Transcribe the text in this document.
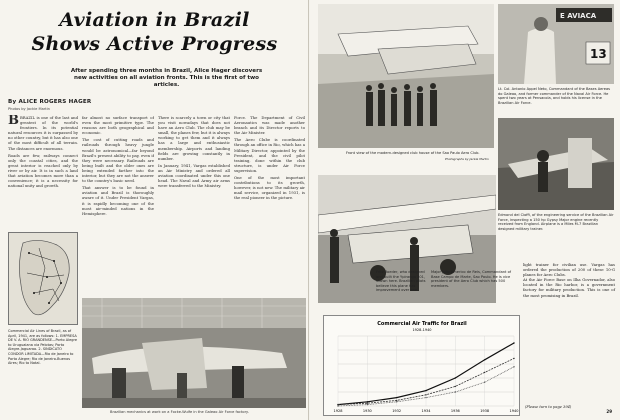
Aviation in Brazil
Shows Active Progress
After spending three months in Brazil, Alice Hager discovers new activities on all aviation fronts. This is the first of two articles.
By ALICE ROGERS HAGER
Photos by Jackie Martin

BBRAZIL is one of the last and greatest of the world's frontiers. In its potential natural resources it is surpassed by no other country, but it has also one of the most difficult of all terrain. The distances are enormous.

Roads are few, railways connect only the coastal cities, and the great interior is reached only by river or by air. It is in such a land that aviation becomes more than a convenience; it is a necessity for national unity and growth.

Commercial Air Lines of Brazil, as of April, 1941, are as follows: 1. EMPRESA DE V. A. RIO GRANDENSE—Porto Alegre to Uruguaiana via Pelotas; Porto Alegre-Jaguarao. 2. SINDICATO CONDOR LIMITADA—Rio de Janeiro to Porto Alegre; Rio de Janeiro-Buenos Aires; Rio to Natal.

far almost no surface transport of even the most primitive type. The reasons are both geographical and economic.

The cost of cutting roads and railroads through heavy jungle would be astronomical—far beyond Brazil's present ability to pay, even if they were necessary. Railroads are being built and the older ones are being extended farther into the interior, but they are not the answer to the country's basic need.

That answer is to be found in aviation and Brazil is thoroughly aware of it. Under President Vargas, it is rapidly becoming one of the most air-minded nations in the Hemisphere.

There is scarcely a town or city that you visit nowadays that does not have an Aero Club. The club may be small, the planes few, but it is always working to get them and it always has a large and enthusiastic membership. Airports and landing fields are growing constantly in number.

In January, 1941, Vargas established an Air Ministry and ordered all aviation coordinated under this one head. The Naval and Army air arms were transferred to the Ministry.

Force. The Department of Civil Aeronautics was made another branch and its Director reports to the Air Minister.

The Aero Clube is coordinated through an office in Rio, which has a Military Director, appointed by the President, and the civil pilot training, done within the club structure, is under Air Force supervision.

One of the most important contributions to its growth, however, is not new. The military air mail service, organized in 1931, is the real pioneer in the picture.

Brazilian mechanics at work on a Focke-Wulfe in the Galeao Air Force factory.
Front view of the modern-designed club house of the Sao Paulo Aero Club.
Photographs by Jackie Martin
E AVIACA
13
Lt. Col. Antonio Appel Neto, Commandant of the Bases Aereas do Galeao, and former commander of the Naval Air Force. He spent two years at Pensacola, and holds his license in the Brazilian Air Force.
Edmond del Cioffi, of the engineering service of the Brazilian Air Force, inspecting a 150 hp Gypsy Major engine recently received from England. Airplane is a Miles M-7 Brazilian designed military trainer.
Commercial Air Traffic for Brazil
1928-1940
1928	1930	1932	1934	1936	1938	1940
light trainer for civilian use. Vargas has ordered the production of 200 of these 10-G planes for Aero Clubs.
At the Air Force Base on Ilha Governador, also located in the Rio harbor, is a government factory for military production. This is one of the most promising in Brazil.
Major Julio Americo de Reis, Commandant of Base Campo de Marte, Sao Paulo. He is vice president of the Aero Club which has 500 members.
Fritz Roeder, who designed and built the Ypiranga 301, shown here. Brazilian pilots believe this plane has improvement over one.
(Please turn to page 394)
29
